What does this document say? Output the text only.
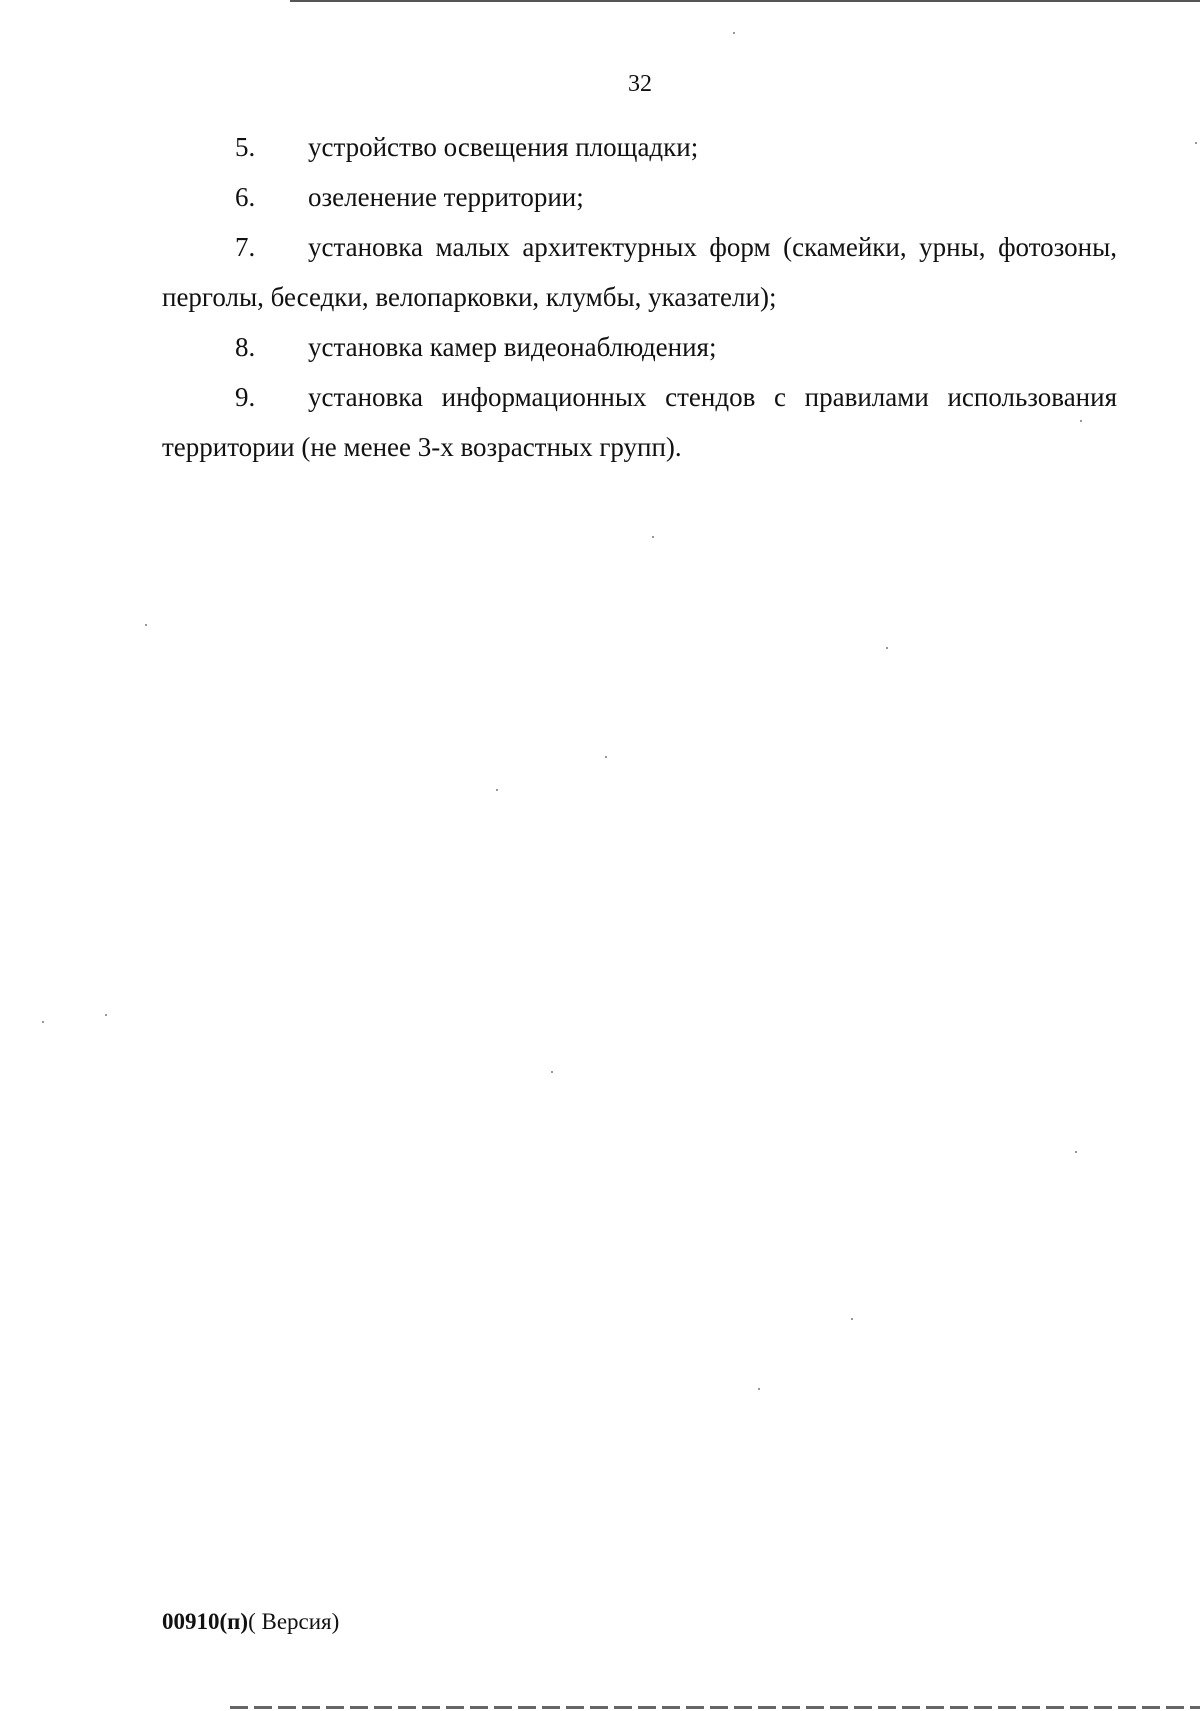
32

5. устройство освещения площадки;

6. озеленение территории;

7. установка малых архитектурных форм (скамейки, урны, фотозоны, перголы, беседки, велопарковки, клумбы, указатели);

8. установка камер видеонаблюдения;

9. установка информационных стендов с правилами использования территории (не менее 3-х возрастных групп).

00910(п)( Версия)
